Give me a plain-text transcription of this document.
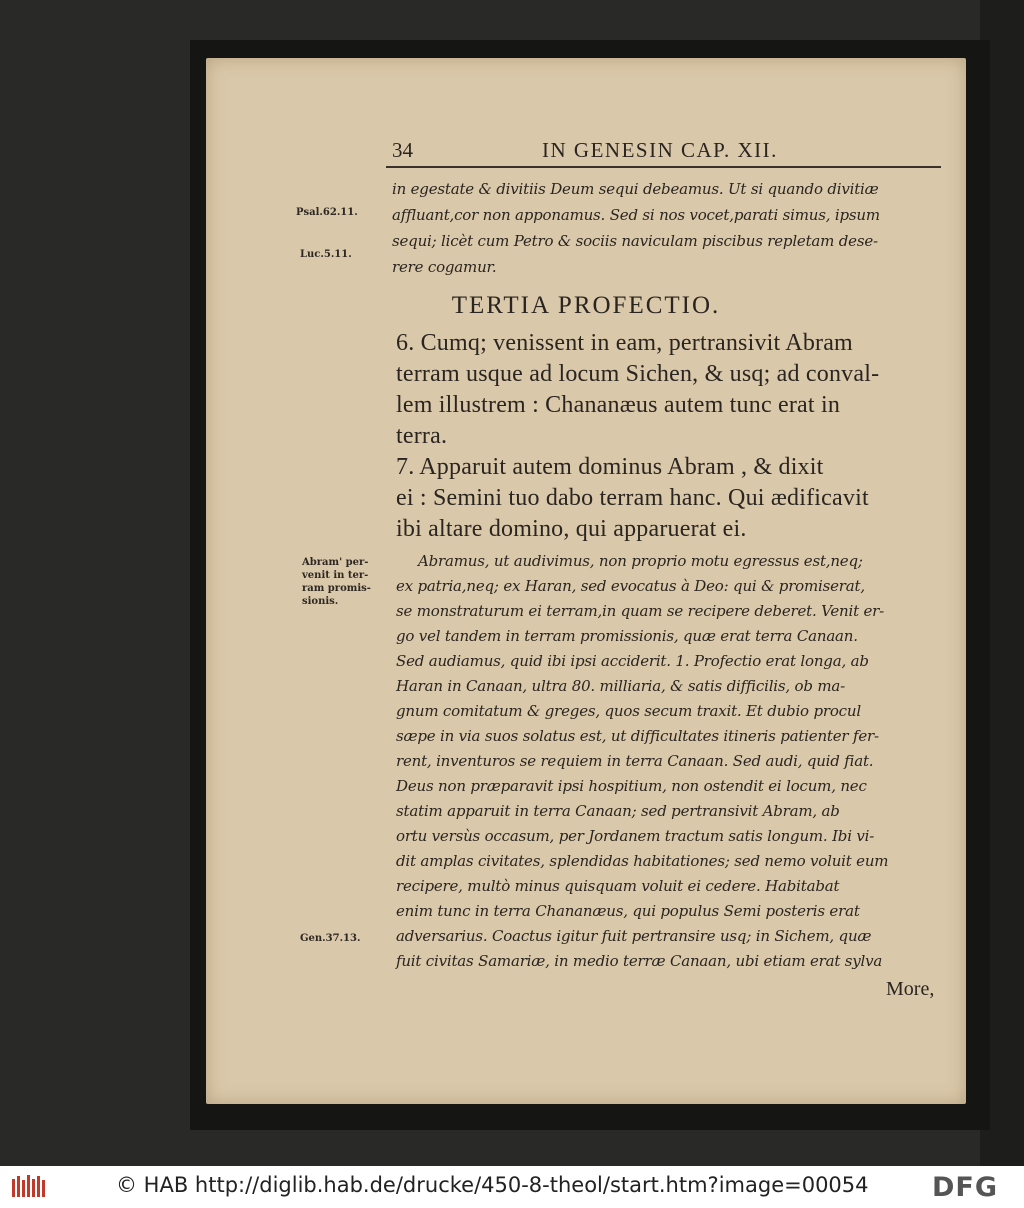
34	IN GENESIN CAP. XII.
in egestate & divitiis Deum sequi debeamus. Ut si quando divitiæ
affluant,cor non apponamus. Sed si nos vocet,parati simus, ipsum
sequi; licèt cum Petro & sociis naviculam piscibus repletam dese-
rere cogamur.
TERTIA PROFECTIO.
6. Cumq; venissent in eam, pertransivit Abram
terram usque ad locum Sichen, & usq; ad conval-
lem illustrem : Chananæus autem tunc erat in
terra.
7. Apparuit autem dominus Abram , & dixit
ei : Semini tuo dabo terram hanc. Qui ædificavit
ibi altare domino, qui apparuerat ei.
Abramus, ut audivimus, non proprio motu egressus est,neq;
ex patria,neq; ex Haran, sed evocatus à Deo: qui & promiserat,
se monstraturum ei terram,in quam se recipere deberet. Venit er-
go vel tandem in terram promissionis, quæ erat terra Canaan.
Sed audiamus, quid ibi ipsi acciderit. 1. Profectio erat longa, ab
Haran in Canaan, ultra 80. milliaria, & satis difficilis, ob ma-
gnum comitatum & greges, quos secum traxit. Et dubio procul
sæpe in via suos solatus est, ut difficultates itineris patienter fer-
rent, inventuros se requiem in terra Canaan. Sed audi, quid fiat.
Deus non præparavit ipsi hospitium, non ostendit ei locum, nec
statim apparuit in terra Canaan; sed pertransivit Abram, ab
ortu versùs occasum, per Jordanem tractum satis longum. Ibi vi-
dit amplas civitates, splendidas habitationes; sed nemo voluit eum
recipere, multò minus quisquam voluit ei cedere. Habitabat
enim tunc in terra Chananæus, qui populus Semi posteris erat
adversarius. Coactus igitur fuit pertransire usq; in Sichem, quæ
fuit civitas Samariæ, in medio terræ Canaan, ubi etiam erat sylva
More,
Psal.62.11.
Luc.5.11.
Abram' per-
venit in ter-
ram promis-
sionis.
Gen.37.13.
© HAB http://diglib.hab.de/drucke/450-8-theol/start.htm?image=00054 DFG
